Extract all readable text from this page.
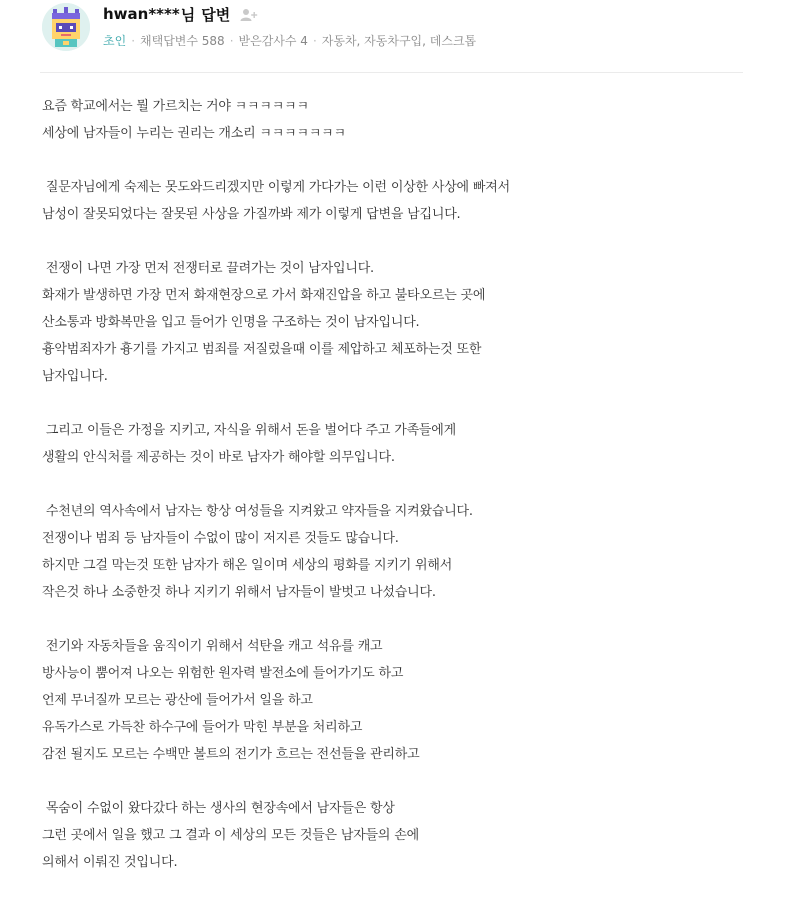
hwan**** 님 답변
초인 · 채택답변수 588 · 받은감사수 4 · 자동차, 자동차구입, 데스크톱
요즘 학교에서는 뭘 가르치는 거야 ㅋㅋㅋㅋㅋㅋ
세상에 남자들이 누리는 권리는 개소리 ㅋㅋㅋㅋㅋㅋㅋ
질문자님에게 숙제는 못도와드리겠지만 이렇게 가다가는 이런 이상한 사상에 빠져서
남성이 잘못되었다는 잘못된 사상을 가질까봐 제가 이렇게 답변을 남깁니다.
전쟁이 나면 가장 먼저 전쟁터로 끌려가는 것이 남자입니다.
화재가 발생하면 가장 먼저 화재현장으로 가서 화재진압을 하고 불타오르는 곳에
산소통과 방화복만을 입고 들어가 인명을 구조하는 것이 남자입니다.
흉악범죄자가 흉기를 가지고 범죄를 저질렀을때 이를 제압하고 체포하는것 또한
남자입니다.
그리고 이들은 가정을 지키고, 자식을 위해서 돈을 벌어다 주고 가족들에게
생활의 안식처를 제공하는 것이 바로 남자가 해야할 의무입니다.
수천년의 역사속에서 남자는 항상 여성들을 지켜왔고 약자들을 지켜왔습니다.
전쟁이나 범죄 등 남자들이 수없이 많이 저지른 것들도 많습니다.
하지만 그걸 막는것 또한 남자가 해온 일이며 세상의 평화를 지키기 위해서
작은것 하나 소중한것 하나 지키기 위해서 남자들이 발벗고 나섰습니다.
전기와 자동차들을 움직이기 위해서 석탄을 캐고 석유를 캐고
방사능이 뿜어져 나오는 위험한 원자력 발전소에 들어가기도 하고
언제 무너질까 모르는 광산에 들어가서 일을 하고
유독가스로 가득찬 하수구에 들어가 막힌 부분을 처리하고
감전 될지도 모르는 수백만 볼트의 전기가 흐르는 전선들을 관리하고
목숨이 수없이 왔다갔다 하는 생사의 현장속에서 남자들은 항상
그런 곳에서 일을 했고 그 결과 이 세상의 모든 것들은 남자들의 손에
의해서 이뤄진 것입니다.
